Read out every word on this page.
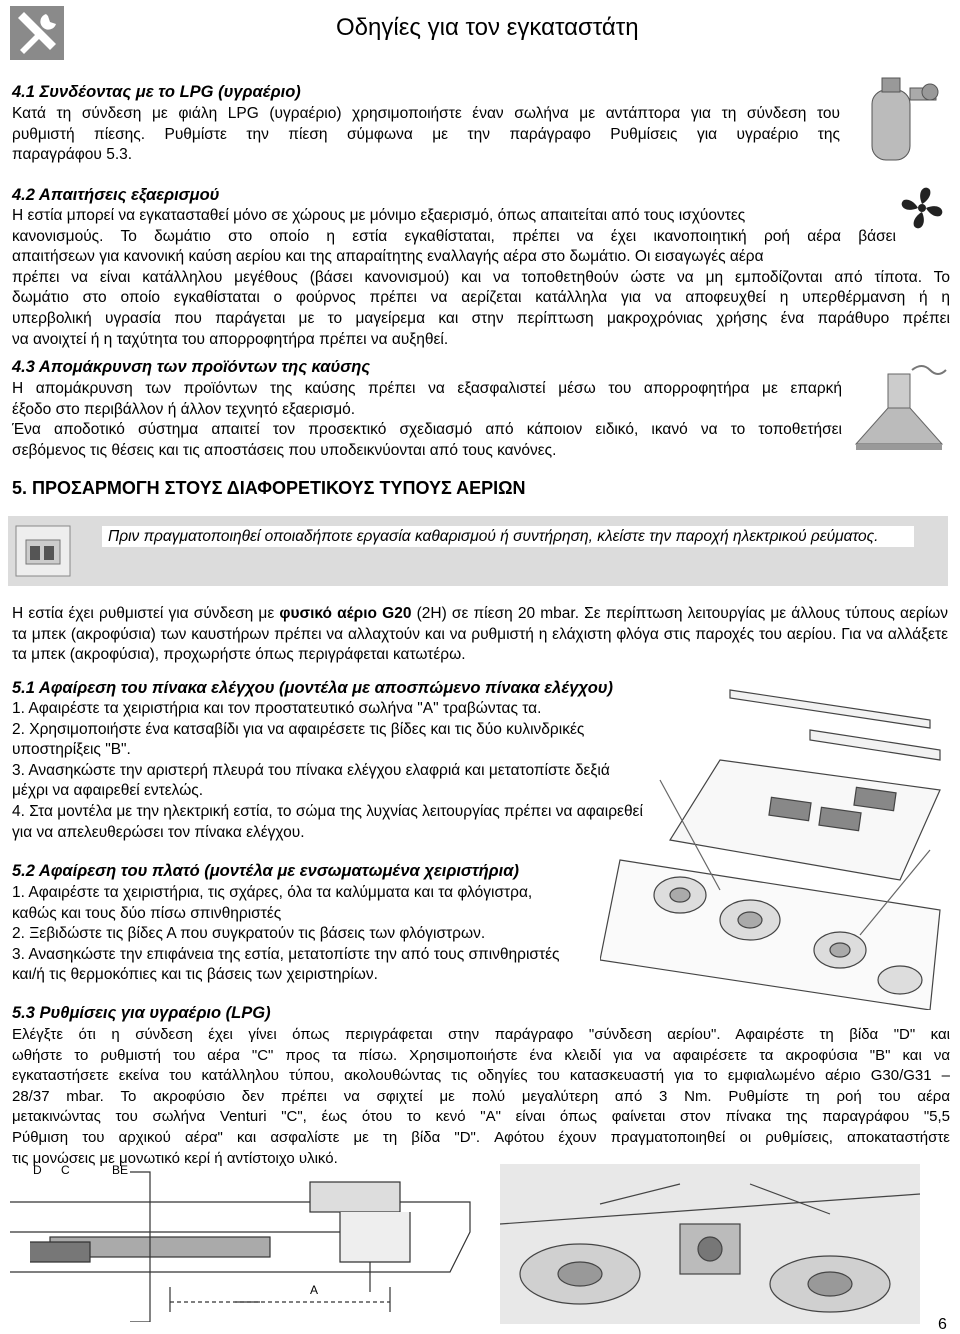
Οδηγίες για τον εγκαταστάτη
4.1 Συνδέοντας με το LPG (υγραέριο)
Κατά τη σύνδεση με φιάλη LPG (υγραέριο) χρησιμοποιήστε έναν σωλήνα με αντάπτορα για τη σύνδεση του
ρυθμιστή πίεσης. Ρυθμίστε την πίεση σύμφωνα με την παράγραφο Ρυθμίσεις για υγραέριο της
παραγράφου 5.3.
4.2 Απαιτήσεις εξαερισμού
Η εστία μπορεί να εγκατασταθεί μόνο σε χώρους με μόνιμο εξαερισμό, όπως απαιτείται από τους ισχύοντες
κανονισμούς. Το δωμάτιο στο οποίο η εστία εγκαθίσταται, πρέπει να έχει ικανοποιητική ροή αέρα βάσει
απαιτήσεων για κανονική καύση αερίου και της απαραίτητης εναλλαγής αέρα στο δωμάτιο. Οι εισαγωγές αέρα
πρέπει να είναι κατάλληλου μεγέθους (βάσει κανονισμού) και να τοποθετηθούν ώστε να μη εμποδίζονται από τίποτα. Το
δωμάτιο στο οποίο εγκαθίσταται ο φούρνος πρέπει να αερίζεται κατάλληλα για να αποφευχθεί η υπερθέρμανση ή η
υπερβολική υγρασία που παράγεται με το μαγείρεμα και στην περίπτωση μακροχρόνιας χρήσης ένα παράθυρο πρέπει
να ανοιχτεί ή η ταχύτητα του απορροφητήρα πρέπει να αυξηθεί.
4.3 Απομάκρυνση των προϊόντων της καύσης
Η απομάκρυνση των προϊόντων της καύσης πρέπει να εξασφαλιστεί μέσω του απορροφητήρα με επαρκή
έξοδο στο περιβάλλον ή άλλον τεχνητό εξαερισμό.
Ένα αποδοτικό σύστημα απαιτεί τον προσεκτικό σχεδιασμό από κάποιον ειδικό, ικανό να το τοποθετήσει
σεβόμενος τις θέσεις και τις αποστάσεις που υποδεικνύονται από τους κανόνες.
5. ΠΡΟΣΑΡΜΟΓΗ ΣΤΟΥΣ ΔΙΑΦΟΡΕΤΙΚΟΥΣ ΤΥΠΟΥΣ ΑΕΡΙΩΝ
Πριν πραγματοποιηθεί οποιαδήποτε εργασία καθαρισμού ή συντήρηση, κλείστε την παροχή ηλεκτρικού ρεύματος.
Η εστία έχει ρυθμιστεί για σύνδεση με φυσικό αέριο G20 (2H) σε πίεση 20 mbar. Σε περίπτωση λειτουργίας με άλλους τύπους αερίων τα μπεκ (ακροφύσια) των καυστήρων πρέπει να αλλαχτούν και να ρυθμιστή η ελάχιστη φλόγα στις παροχές του αερίου. Για να αλλάξετε τα μπεκ (ακροφύσια), προχωρήστε όπως περιγράφεται κατωτέρω.
5.1 Αφαίρεση του πίνακα ελέγχου (μοντέλα με αποσπώμενο πίνακα ελέγχου)
1. Αφαιρέστε τα χειριστήρια και τον προστατευτικό σωλήνα "Α" τραβώντας τα.
2. Χρησιμοποιήστε ένα κατσαβίδι για να αφαιρέσετε τις βίδες και τις δύο κυλινδρικές
υποστηρίξεις "Β".
3. Ανασηκώστε την αριστερή πλευρά του πίνακα ελέγχου ελαφριά και μετατοπίστε δεξιά
μέχρι να αφαιρεθεί εντελώς.
4. Στα μοντέλα με την ηλεκτρική εστία, το σώμα της λυχνίας λειτουργίας πρέπει να αφαιρεθεί
για να απελευθερώσει τον πίνακα ελέγχου.
5.2 Αφαίρεση του πλατό (μοντέλα με ενσωματωμένα χειριστήρια)
1. Αφαιρέστε τα χειριστήρια, τις σχάρες, όλα τα καλύμματα και τα φλόγιστρα,
καθώς και τους δύο πίσω σπινθηριστές
2. Ξεβιδώστε τις βίδες Α που συγκρατούν τις βάσεις των φλόγιστρων.
3. Ανασηκώστε την επιφάνεια της εστία, μετατοπίστε την από τους σπινθηριστές
και/ή τις θερμοκόπιες και τις βάσεις των χειριστηρίων.
5.3 Ρυθμίσεις για υγραέριο (LPG)
Ελέγξτε ότι η σύνδεση έχει γίνει όπως περιγράφεται στην παράγραφο "σύνδεση αερίου". Αφαιρέστε τη βίδα "D" και
ωθήστε το ρυθμιστή του αέρα "C" προς τα πίσω. Χρησιμοποιήστε ένα κλειδί για να αφαιρέσετε τα ακροφύσια "Β" και να
εγκαταστήσετε εκείνα του κατάλληλου τύπου, ακολουθώντας τις οδηγίες του κατασκευαστή για το εμφιαλωμένο αέριο G30/G31 –
28/37 mbar. Το ακροφύσιο δεν πρέπει να σφιχτεί με πολύ μεγαλύτερη από 3 Nm. Ρυθμίστε τη ροή του αέρα
μετακινώντας του σωλήνα Venturi "C", έως ότου το κενό "Α" είναι όπως φαίνεται στον πίνακα της παραγράφου "5,5
Ρύθμιση του αρχικού αέρα" και ασφαλίστε με τη βίδα "D". Αφότου έχουν πραγματοποιηθεί οι ρυθμίσεις, αποκαταστήστε
τις μονώσεις με μονωτικό κερί ή αντίστοιχο υλικό.
D C	B E
A
6
